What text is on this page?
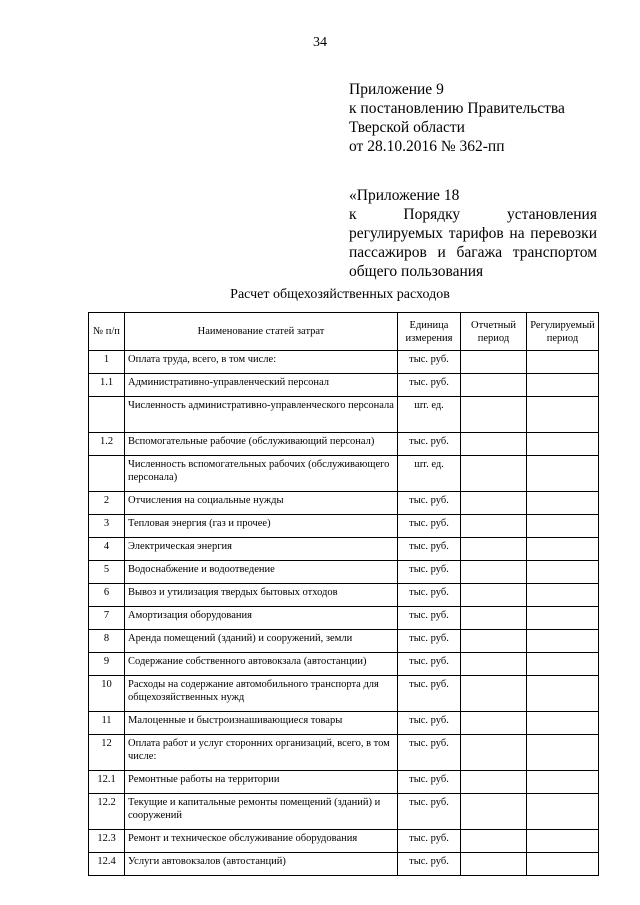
34
Приложение 9
к постановлению Правительства
Тверской области
от 28.10.2016 № 362-пп
«Приложение 18
к Порядку установления
регулируемых тарифов на перевозки
пассажиров и багажа транспортом
общего пользования
Расчет общехозяйственных расходов
№ п/п	Наименование статей затрат	Единица измерения	Отчетный период	Регулируемый период
1	Оплата труда, всего, в том числе:	тыс. руб.		
1.1	Административно-управленческий персонал	тыс. руб.		
	Численность административно-управленческого персонала	шт. ед.		
1.2	Вспомогательные рабочие (обслуживающий персонал)	тыс. руб.		
	Численность вспомогательных рабочих (обслуживающего персонала)	шт. ед.		
2	Отчисления на социальные нужды	тыс. руб.		
3	Тепловая энергия (газ и прочее)	тыс. руб.		
4	Электрическая энергия	тыс. руб.		
5	Водоснабжение и водоотведение	тыс. руб.		
6	Вывоз и утилизация твердых бытовых отходов	тыс. руб.		
7	Амортизация оборудования	тыс. руб.		
8	Аренда помещений (зданий) и сооружений, земли	тыс. руб.		
9	Содержание собственного автовокзала (автостанции)	тыс. руб.		
10	Расходы на содержание автомобильного транспорта для общехозяйственных нужд	тыс. руб.		
11	Малоценные и быстроизнашивающиеся товары	тыс. руб.		
12	Оплата работ и услуг сторонних организаций, всего, в том числе:	тыс. руб.		
12.1	Ремонтные работы на территории	тыс. руб.		
12.2	Текущие и капитальные ремонты помещений (зданий) и сооружений	тыс. руб.		
12.3	Ремонт и техническое обслуживание оборудования	тыс. руб.		
12.4	Услуги автовокзалов (автостанций)	тыс. руб.		
